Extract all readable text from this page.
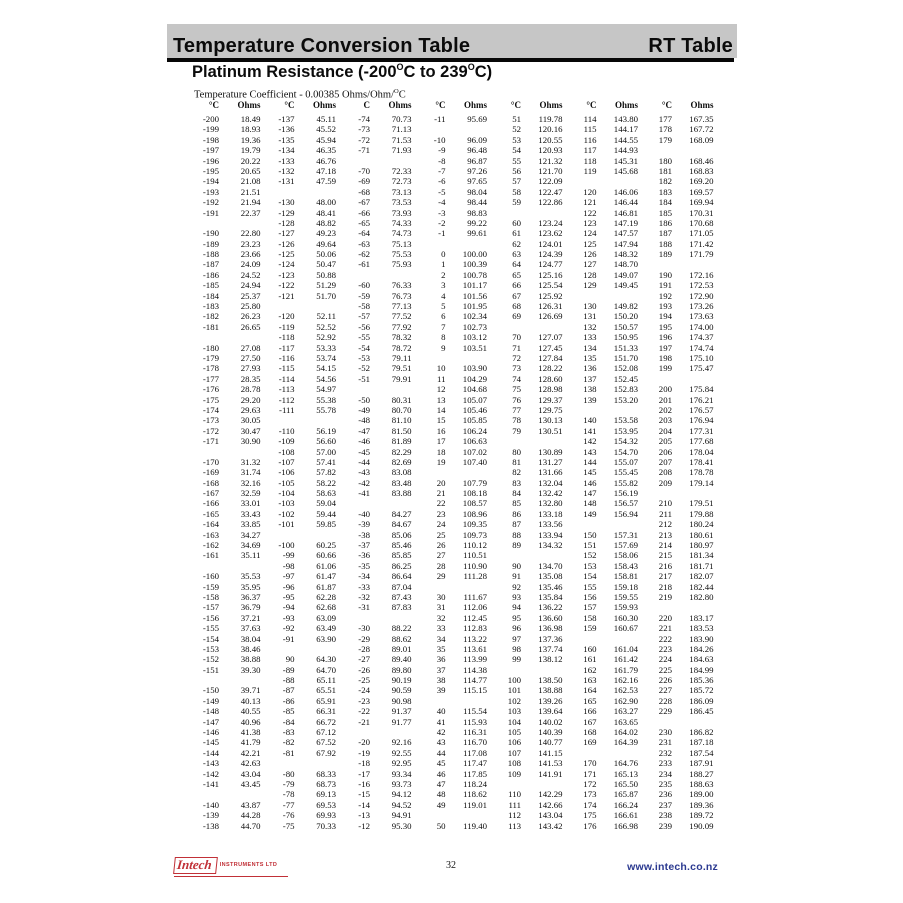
Temperature Conversion Table	RT Table
Platinum Resistance ($-200^OC$ to $239^OC$)
Temperature Coefficient - 0.00385 Ohms/Ohm/$^O$C
°C	Ohms
-200	18.49
-199	18.93
-198	19.36
-197	19.79
-196	20.22
-195	20.65
-194	21.08
-193	21.51
-192	21.94
-191	22.37
-190	22.80
-189	23.23
-188	23.66
-187	24.09
-186	24.52
-185	24.94
-184	25.37
-183	25.80
-182	26.23
-181	26.65
-180	27.08
-179	27.50
-178	27.93
-177	28.35
-176	28.78
-175	29.20
-174	29.63
-173	30.05
-172	30.47
-171	30.90
-170	31.32
-169	31.74
-168	32.16
-167	32.59
-166	33.01
-165	33.43
-164	33.85
-163	34.27
-162	34.69
-161	35.11
-160	35.53
-159	35.95
-158	36.37
-157	36.79
-156	37.21
-155	37.63
-154	38.04
-153	38.46
-152	38.88
-151	39.30
-150	39.71
-149	40.13
-148	40.55
-147	40.96
-146	41.38
-145	41.79
-144	42.21
-143	42.63
-142	43.04
-141	43.45
-140	43.87
-139	44.28
-138	44.70
°C	Ohms
-137	45.11
-136	45.52
-135	45.94
-134	46.35
-133	46.76
-132	47.18
-131	47.59
-130	48.00
-129	48.41
-128	48.82
-127	49.23
-126	49.64
-125	50.06
-124	50.47
-123	50.88
-122	51.29
-121	51.70
-120	52.11
-119	52.52
-118	52.92
-117	53.33
-116	53.74
-115	54.15
-114	54.56
-113	54.97
-112	55.38
-111	55.78
-110	56.19
-109	56.60
-108	57.00
-107	57.41
-106	57.82
-105	58.22
-104	58.63
-103	59.04
-102	59.44
-101	59.85
-100	60.25
-99	60.66
-98	61.06
-97	61.47
-96	61.87
-95	62.28
-94	62.68
-93	63.09
-92	63.49
-91	63.90
90	64.30
-89	64.70
-88	65.11
-87	65.51
-86	65.91
-85	66.31
-84	66.72
-83	67.12
-82	67.52
-81	67.92
-80	68.33
-79	68.73
-78	69.13
-77	69.53
-76	69.93
-75	70.33
C	Ohms
-74	70.73
-73	71.13
-72	71.53
-71	71.93
-70	72.33
-69	72.73
-68	73.13
-67	73.53
-66	73.93
-65	74.33
-64	74.73
-63	75.13
-62	75.53
-61	75.93
-60	76.33
-59	76.73
-58	77.13
-57	77.52
-56	77.92
-55	78.32
-54	78.72
-53	79.11
-52	79.51
-51	79.91
-50	80.31
-49	80.70
-48	81.10
-47	81.50
-46	81.89
-45	82.29
-44	82.69
-43	83.08
-42	83.48
-41	83.88
-40	84.27
-39	84.67
-38	85.06
-37	85.46
-36	85.85
-35	86.25
-34	86.64
-33	87.04
-32	87.43
-31	87.83
-30	88.22
-29	88.62
-28	89.01
-27	89.40
-26	89.80
-25	90.19
-24	90.59
-23	90.98
-22	91.37
-21	91.77
-20	92.16
-19	92.55
-18	92.95
-17	93.34
-16	93.73
-15	94.12
-14	94.52
-13	94.91
-12	95.30
°C	Ohms
-11	95.69
-10	96.09
-9	96.48
-8	96.87
-7	97.26
-6	97.65
-5	98.04
-4	98.44
-3	98.83
-2	99.22
-1	99.61
0	100.00
1	100.39
2	100.78
3	101.17
4	101.56
5	101.95
6	102.34
7	102.73
8	103.12
9	103.51
10	103.90
11	104.29
12	104.68
13	105.07
14	105.46
15	105.85
16	106.24
17	106.63
18	107.02
19	107.40
20	107.79
21	108.18
22	108.57
23	108.96
24	109.35
25	109.73
26	110.12
27	110.51
28	110.90
29	111.28
30	111.67
31	112.06
32	112.45
33	112.83
34	113.22
35	113.61
36	113.99
37	114.38
38	114.77
39	115.15
40	115.54
41	115.93
42	116.31
43	116.70
44	117.08
45	117.47
46	117.85
47	118.24
48	118.62
49	119.01
50	119.40
°C	Ohms
51	119.78
52	120.16
53	120.55
54	120.93
55	121.32
56	121.70
57	122.09
58	122.47
59	122.86
60	123.24
61	123.62
62	124.01
63	124.39
64	124.77
65	125.16
66	125.54
67	125.92
68	126.31
69	126.69
70	127.07
71	127.45
72	127.84
73	128.22
74	128.60
75	128.98
76	129.37
77	129.75
78	130.13
79	130.51
80	130.89
81	131.27
82	131.66
83	132.04
84	132.42
85	132.80
86	133.18
87	133.56
88	133.94
89	134.32
90	134.70
91	135.08
92	135.46
93	135.84
94	136.22
95	136.60
96	136.98
97	137.36
98	137.74
99	138.12
100	138.50
101	138.88
102	139.26
103	139.64
104	140.02
105	140.39
106	140.77
107	141.15
108	141.53
109	141.91
110	142.29
111	142.66
112	143.04
113	143.42
°C	Ohms
114	143.80
115	144.17
116	144.55
117	144.93
118	145.31
119	145.68
120	146.06
121	146.44
122	146.81
123	147.19
124	147.57
125	147.94
126	148.32
127	148.70
128	149.07
129	149.45
130	149.82
131	150.20
132	150.57
133	150.95
134	151.33
135	151.70
136	152.08
137	152.45
138	152.83
139	153.20
140	153.58
141	153.95
142	154.32
143	154.70
144	155.07
145	155.45
146	155.82
147	156.19
148	156.57
149	156.94
150	157.31
151	157.69
152	158.06
153	158.43
154	158.81
155	159.18
156	159.55
157	159.93
158	160.30
159	160.67
160	161.04
161	161.42
162	161.79
163	162.16
164	162.53
165	162.90
166	163.27
167	163.65
168	164.02
169	164.39
170	164.76
171	165.13
172	165.50
173	165.87
174	166.24
175	166.61
176	166.98
°C	Ohms
177	167.35
178	167.72
179	168.09
180	168.46
181	168.83
182	169.20
183	169.57
184	169.94
185	170.31
186	170.68
187	171.05
188	171.42
189	171.79
190	172.16
191	172.53
192	172.90
193	173.26
194	173.63
195	174.00
196	174.37
197	174.74
198	175.10
199	175.47
200	175.84
201	176.21
202	176.57
203	176.94
204	177.31
205	177.68
206	178.04
207	178.41
208	178.78
209	179.14
210	179.51
211	179.88
212	180.24
213	180.61
214	180.97
215	181.34
216	181.71
217	182.07
218	182.44
219	182.80
220	183.17
221	183.53
222	183.90
223	184.26
224	184.63
225	184.99
226	185.36
227	185.72
228	186.09
229	186.45
230	186.82
231	187.18
232	187.54
233	187.91
234	188.27
235	188.63
236	189.00
237	189.36
238	189.72
239	190.09
Intech INSTRUMENTS LTD	32	www.intech.co.nz
